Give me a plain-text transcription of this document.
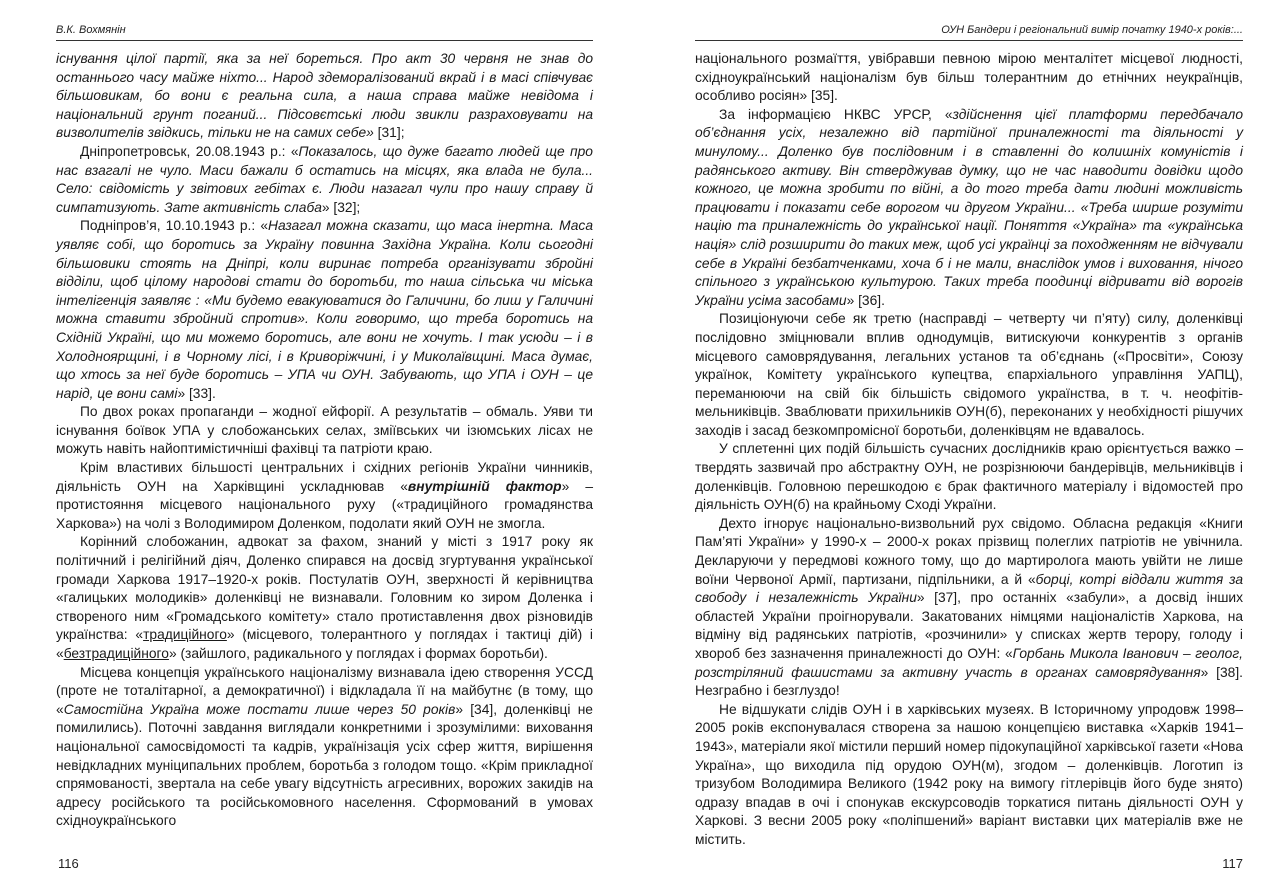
В.К. Вохмянін

існування цілої партії, яка за неї бореться. Про акт 30 червня не знав до останнього часу майже ніхто... Народ здеморалізований вкрай і в масі співчуває більшовикам, бо вони є реальна сила, а наша справа майже невідома і національний грунт поганий... Підсовєтські люди звикли разраховувати на визволителів звідкись, тільки не на самих себе» [31];

Дніпропетровськ, 20.08.1943 р.: «Показалось, що дуже багато людей ще про нас взагалі не чуло. Маси бажали б остатись на місцях, яка влада не була... Село: свідомість у звітових гебітах є. Люди назагал чули про нашу справу й симпатизують. Зате активність слаба» [32];

Подніпров’я, 10.10.1943 р.: «Назагал можна сказати, що маса інертна. Маса уявляє собі, що боротись за Україну повинна Західна Україна. Коли сьогодні більшовики стоять на Дніпрі, коли виринає потреба організувати збройні відділи, щоб цілому народові стати до боротьби, то наша сільська чи міська інтелігенція заявляє : «Ми будемо евакуюватися до Галичини, бо лиш у Галичині можна ставити збройний спротив». Коли говоримо, що треба боротись на Східній Україні, що ми можемо боротись, але вони не хочуть. І так усюди – і в Холодноярщині, і в Чорному лісі, і в Криворіжчині, і у Миколаївщині. Маса думає, що хтось за неї буде боротись – УПА чи ОУН. Забувають, що УПА і ОУН – це нарід, це вони самі» [33].

По двох роках пропаганди – жодної ейфорії. А результатів – обмаль. Уяви ти існування боївок УПА у слобожанських селах, зміївських чи ізюмських лісах не можуть навіть найоптимістичніші фахівці та патріоти краю.

Крім властивих більшості центральних і східних регіонів України чинників, діяльність ОУН на Харківщині ускладнював «внутрішній фактор» – протистояння місцевого національного руху («традиційного громадянства Харкова») на чолі з Володимиром Доленком, подолати який ОУН не змогла.

Корінний слобожанин, адвокат за фахом, знаний у місті з 1917 року як політичний і релігійний діяч, Доленко спирався на досвід згуртування української громади Харкова 1917–1920-х років. Постулатів ОУН, зверхності й керівництва «галицьких молодиків» доленківці не визнавали. Головним ко зиром Доленка і створеного ним «Громадського комітету» стало протиставлення двох різновидів українства: «традиційного» (місцевого, толерантного у поглядах і тактиці дій) і «безтрадиційного» (зайшлого, радикального у поглядах і формах боротьби).

Місцева концепція українського націоналізму визнавала ідею створення УССД (проте не тоталітарної, а демократичної) і відкладала її на майбутнє (в тому, що «Самостійна Україна може постати лише через 50 років» [34], доленківці не помилились). Поточні завдання виглядали конкретними і зрозумілими: виховання національної самосвідомості та кадрів, українізація усіх сфер життя, вирішення невідкладних муніципальних проблем, боротьба з голодом тощо. «Крім прикладної спрямованості, звертала на себе увагу відсутність агресивних, ворожих закидів на адресу російського та російськомовного населення. Сформований в умовах східноукраїнського

116
ОУН Бандери і регіональний вимір початку 1940-х років:...

національного розмаїття, увібравши певною мірою менталітет місцевої людності, східноукраїнський націоналізм був більш толерантним до етнічних неукраїнців, особливо росіян» [35].

За інформацією НКВС УРСР, «здійснення цієї платформи передбачало об’єднання усіх, незалежно від партійної приналежності та діяльності у минулому... Доленко був послідовним і в ставленні до колишніх комуністів і радянського активу. Він стверджував думку, що не час наводити довідки щодо кожного, це можна зробити по війні, а до того треба дати людині можливість працювати і показати себе ворогом чи другом України... «Треба ширше розуміти націю та приналежність до української нації. Поняття «Україна» та «українська нація» слід розширити до таких меж, щоб усі українці за походженням не відчували себе в Україні безбатченками, хоча б і не мали, внаслідок умов і виховання, нічого спільного з українською культурою. Таких треба поодинці відривати від ворогів України усіма засобами» [36].

Позиціонуючи себе як третю (насправді – четверту чи п’яту) силу, доленківці послідовно зміцнювали вплив однодумців, витискуючи конкурентів з органів місцевого самоврядування, легальних установ та об’єднань («Просвіти», Союзу українок, Комітету українського купецтва, єпархіального управління УАПЦ), переманюючи на свій бік більшість свідомого українства, в т. ч. неофітів-мельниківців. Зваблювати прихильників ОУН(б), переконаних у необхідності рішучих заходів і засад безкомпромісної боротьби, доленківцям не вдавалось.

У сплетенні цих подій більшість сучасних дослідників краю орієнтується важко – твердять зазвичай про абстрактну ОУН, не розрізнюючи бандерівців, мельниківців і доленківців. Головною перешкодою є брак фактичного матеріалу і відомостей про діяльність ОУН(б) на крайньому Сході України.

Дехто ігнорує національно-визвольний рух свідомо. Обласна редакція «Книги Пам’яті України» у 1990-х – 2000-х роках прізвищ полеглих патріотів не увічнила. Декларуючи у передмові кожного тому, що до мартиролога мають увійти не лише воїни Червоної Армії, партизани, підпільники, а й «борці, котрі віддали життя за свободу і незалежність України» [37], про останніх «забули», а досвід інших областей України проігнорували. Закатованих німцями націоналістів Харкова, на відміну від радянських патріотів, «розчинили» у списках жертв терору, голоду і хвороб без зазначення приналежності до ОУН: «Горбань Микола Іванович – геолог, розстріляний фашистами за активну участь в органах самоврядування» [38]. Незграбно і безглуздо!

Не відшукати слідів ОУН і в харківських музеях. В Історичному упродовж 1998–2005 років експонувалася створена за нашою концепцією виставка «Харків 1941–1943», матеріали якої містили перший номер підокупаційної харківської газети «Нова Україна», що виходила під орудою ОУН(м), згодом – доленківців. Логотип із тризубом Володимира Великого (1942 року на вимогу гітлерівців його буде знято) одразу впадав в очі і спонукав екскурсоводів торкатися питань діяльності ОУН у Харкові. З весни 2005 року «поліпшений» варіант виставки цих матеріалів вже не містить.

117
